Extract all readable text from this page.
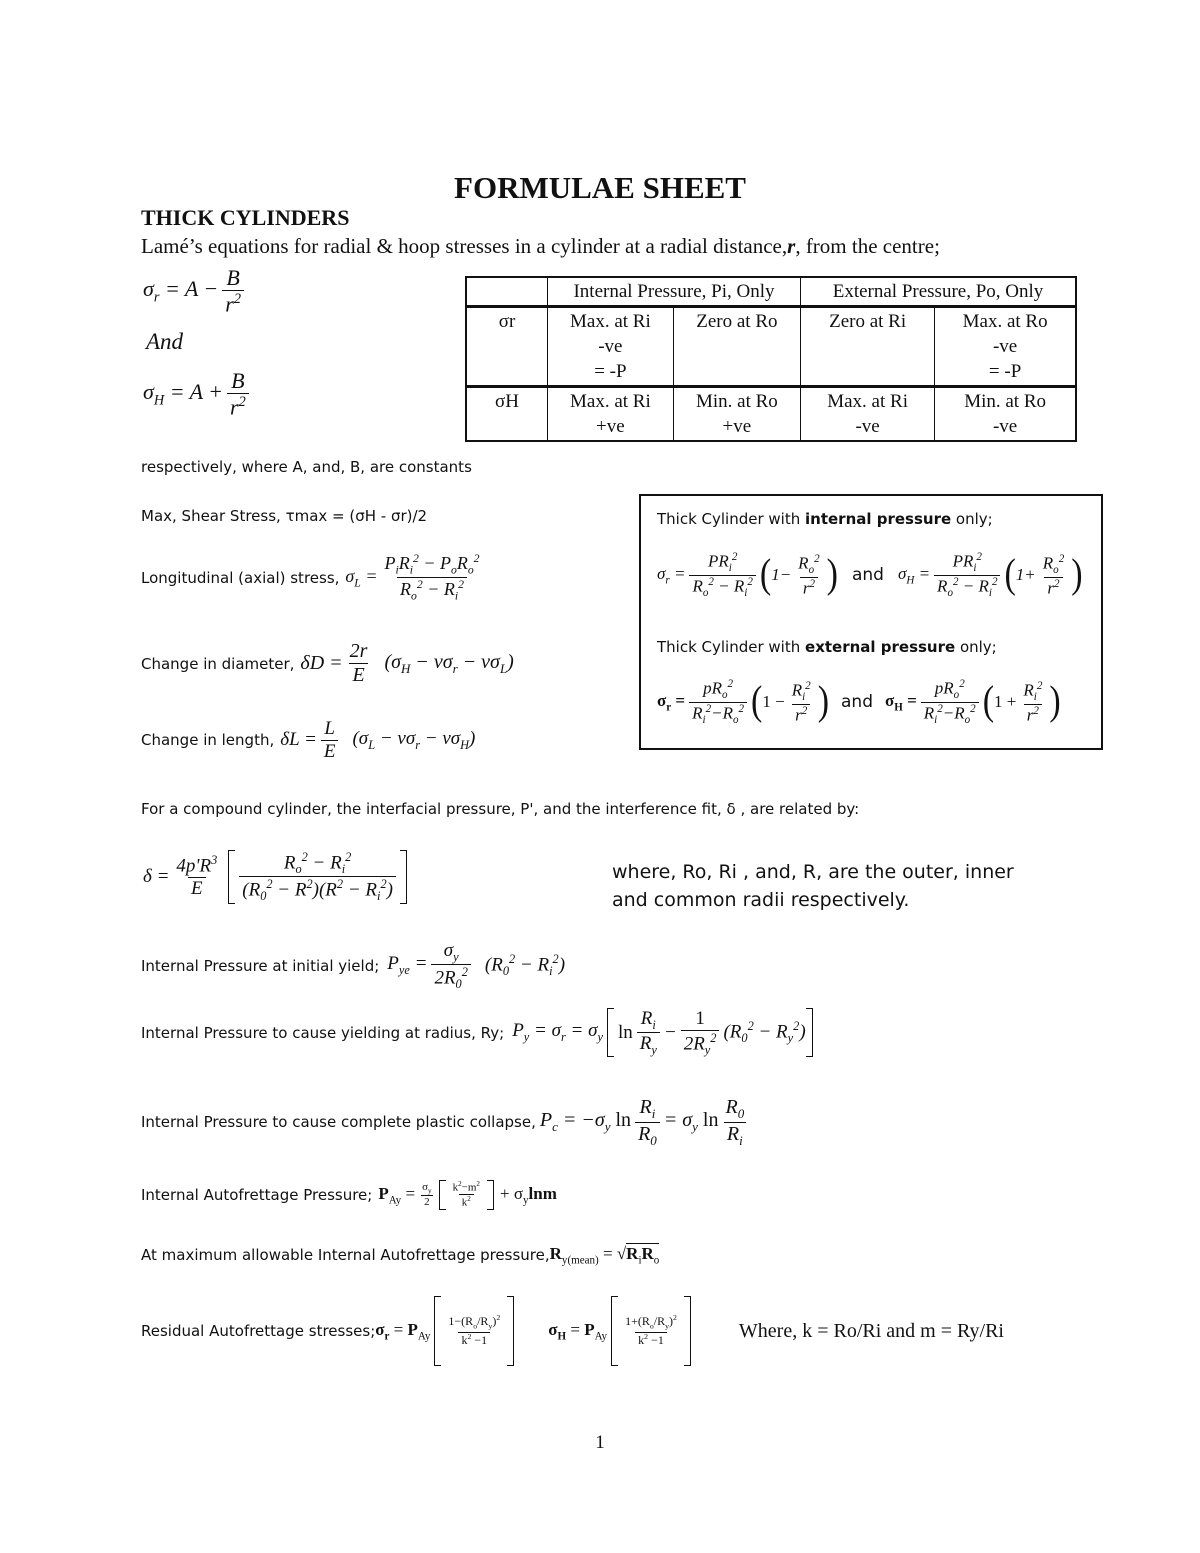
FORMULAE SHEET
THICK CYLINDERS
Lamé’s equations for radial & hoop stresses in a cylinder at a radial distance,r, from the centre;
$\sigma_r = A - \frac{B}{r^2}$
And
$\sigma_H = A + \frac{B}{r^2}$
respectively, where A, and, B, are constants
	Internal Pressure, Pi, Only		External Pressure, Po, Only	
σr	Max. at Ri
-ve
= -P	Zero at Ro	Zero at Ri	Max. at Ro
-ve
= -P
σH	Max. at Ri
+ve	Min. at Ro
+ve	Max. at Ri
-ve	Min. at Ro
-ve
Max, Shear Stress, τmax = (σH - σr)/2
Longitudinal (axial) stress, $\sigma_L = \frac{P_iR_i^2 - P_oR_o^2}{R_o^2 - R_i^2}$
Change in diameter, $\delta D = \frac{2r}{E} (\sigma_H - \nu\sigma_r - \nu\sigma_L)$
Change in length, $\delta L = \frac{L}{E} (\sigma_L - \nu\sigma_r - \nu\sigma_H)$
Thick Cylinder with internal pressure only;
$\sigma_r = \frac{PR_i^2}{R_o^2 - R_i^2}$ ( $1- \frac{R_o^2}{r^2}$ ) and $\sigma_H = \frac{PR_i^2}{R_o^2 - R_i^2}$ ( $1+ \frac{R_o^2}{r^2}$ )
Thick Cylinder with external pressure only;
$\sigma_r = \frac{pR_o^2}{R_i^2-R_o^2}$ ( $1 - \frac{R_i^2}{r^2}$ ) and $\sigma_H = \frac{pR_o^2}{R_i^2-R_o^2}$ ( $1 + \frac{R_i^2}{r^2}$ )
For a compound cylinder, the interfacial pressure, P', and the interference fit, δ , are related by:
$\delta = \frac{4p'R^3}{E} \frac{R_o^2 - R_i^2}{(R_0^2 - R^2)(R^2 - R_i^2)}$	where, Ro, Ri , and, R, are the outer, inner and common radii respectively.
Internal Pressure at initial yield; $P_{ye} = \frac{\sigma_y}{2R_0^2} (R_0^2 - R_i^2)$
Internal Pressure to cause yielding at radius, Ry; $P_y = \sigma_r = \sigma_y$ $\ln \frac{R_i}{R_y} - \frac{1}{2R_y^2} (R_0^2 - R_y^2)$
Internal Pressure to cause complete plastic collapse, $P_c = -\sigma_y$ $\ln \frac{R_i}{R_0} = \sigma_y$ $\ln \frac{R_0}{R_i}$
Internal Autofrettage Pressure; $P_{Ay} = \frac{\sigma_y}{2} \frac{k^2-m^2}{k^2} + \sigma_y\ln m$
At maximum allowable Internal Autofrettage pressure, $R_{y(mean)} = √R_iR_o$
Residual Autofrettage stresses; $\sigma_r = P_{Ay} \frac{1-(R_o/R_y)^2}{k^2 -1}$	$\sigma_H = P_{Ay} \frac{1+(R_o/R_y)^2}{k^2 -1}$	Where, k = Ro/Ri and m = Ry/Ri
1
